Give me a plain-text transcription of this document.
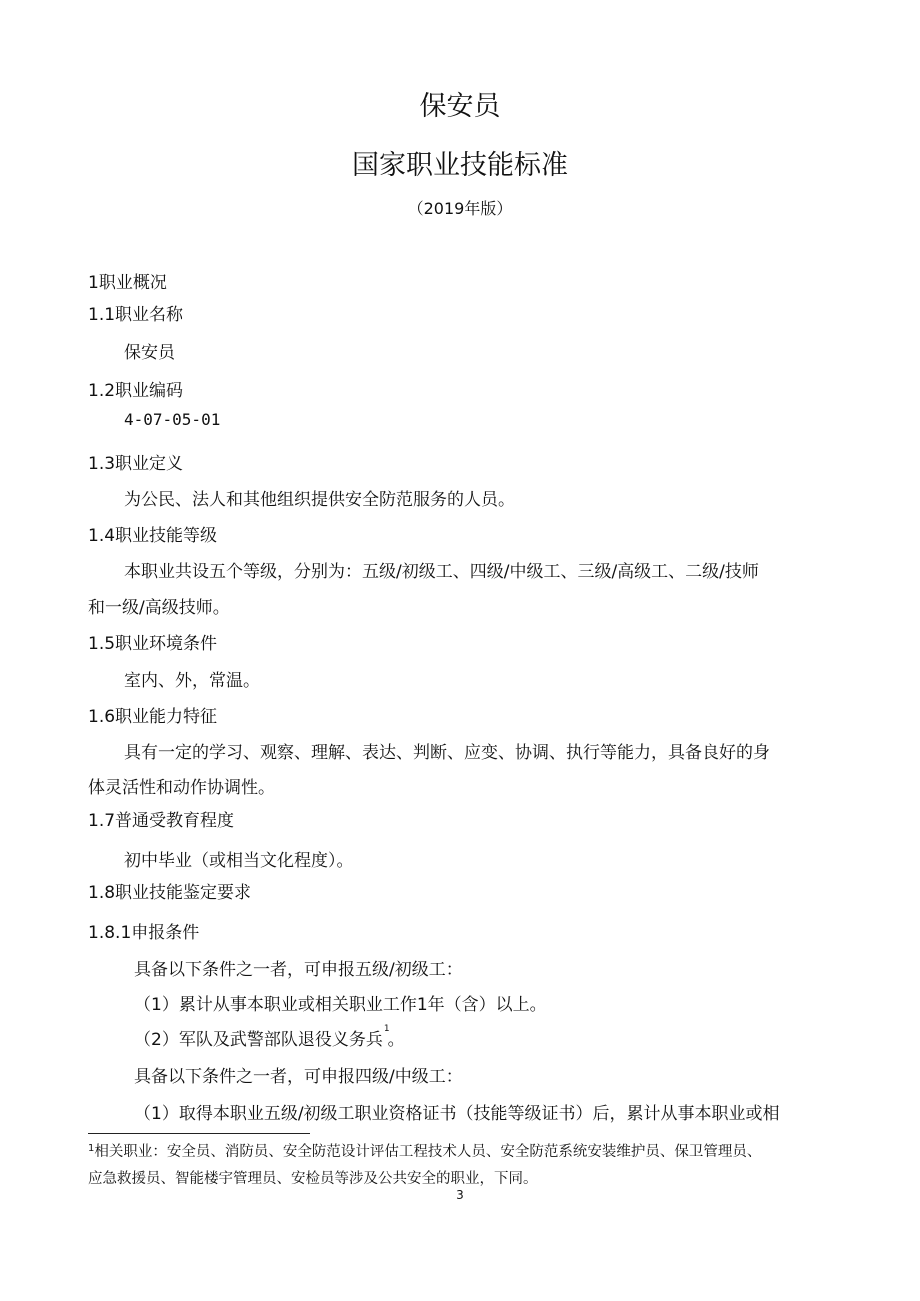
保安员
国家职业技能标准
（2019年版）
1职业概况
1.1职业名称
保安员
1.2职业编码
4-07-05-01
1.3职业定义
为公民、法人和其他组织提供安全防范服务的人员。
1.4职业技能等级
本职业共设五个等级，分别为：五级/初级工、四级/中级工、三级/高级工、二级/技师
和一级/高级技师。
1.5职业环境条件
室内、外，常温。
1.6职业能力特征
具有一定的学习、观察、理解、表达、判断、应变、协调、执行等能力，具备良好的身
体灵活性和动作协调性。
1.7普通受教育程度
初中毕业（或相当文化程度）。
1.8职业技能鉴定要求
1.8.1申报条件
具备以下条件之一者，可申报五级/初级工：
（1）累计从事本职业或相关职业工作1年（含）以上。
（2）军队及武警部队退役义务兵$^1$。
具备以下条件之一者，可申报四级/中级工：
（1）取得本职业五级/初级工职业资格证书（技能等级证书）后，累计从事本职业或相
$^1$相关职业：安全员、消防员、安全防范设计评估工程技术人员、安全防范系统安装维护员、保卫管理员、
应急救援员、智能楼宇管理员、安检员等涉及公共安全的职业，下同。
3
